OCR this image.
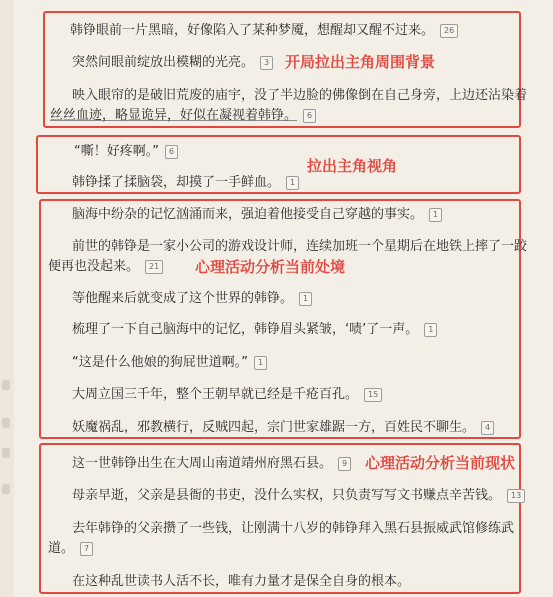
韩铮眼前一片黑暗，好像陷入了某种梦魇，想醒却又醒不过来。 26
突然间眼前绽放出模糊的光亮。 3 开局拉出主角周围背景
映入眼帘的是破旧荒废的庙宇，没了半边脸的佛像倒在自己身旁，上边还沾染着
丝丝血迹，略显诡异，好似在凝视着韩铮。 6
“嘶！好疼啊。” 6
拉出主角视角
韩铮揉了揉脑袋，却摸了一手鲜血。 1
脑海中纷杂的记忆汹涌而来，强迫着他接受自己穿越的事实。 1
前世的韩铮是一家小公司的游戏设计师，连续加班一个星期后在地铁上摔了一跤
便再也没起来。 21 心理活动分析当前处境
等他醒来后就变成了这个世界的韩铮。 1
梳理了一下自己脑海中的记忆，韩铮眉头紧皱，‘啧’了一声。 1
“这是什么他娘的狗屁世道啊。” 1
大周立国三千年，整个王朝早就已经是千疮百孔。 15
妖魔祸乱，邪教横行，反贼四起，宗门世家雄踞一方，百姓民不聊生。 4
这一世韩铮出生在大周山南道靖州府黑石县。 9 心理活动分析当前现状
母亲早逝，父亲是县衙的书吏，没什么实权，只负责写写文书赚点辛苦钱。 13
去年韩铮的父亲攒了一些钱，让刚满十八岁的韩铮拜入黑石县振威武馆修练武
道。 7
在这种乱世读书人活不长，唯有力量才是保全自身的根本。
